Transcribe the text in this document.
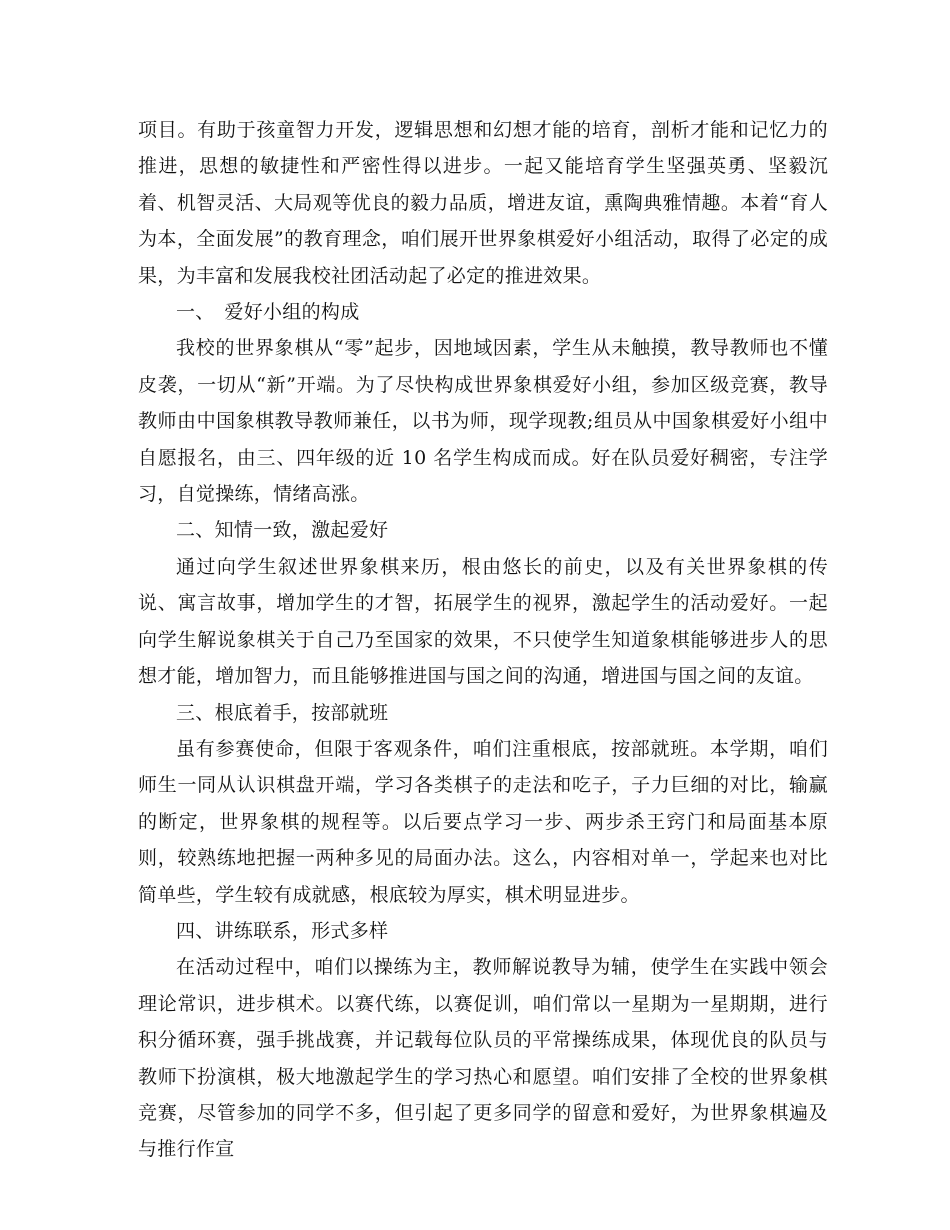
项目。有助于孩童智力开发，逻辑思想和幻想才能的培育，剖析才能和记忆力的推进，思想的敏捷性和严密性得以进步。一起又能培育学生坚强英勇、坚毅沉着、机智灵活、大局观等优良的毅力品质，增进友谊，熏陶典雅情趣。本着“育人为本，全面发展”的教育理念，咱们展开世界象棋爱好小组活动，取得了必定的成果，为丰富和发展我校社团活动起了必定的推进效果。

一、　爱好小组的构成

我校的世界象棋从“零”起步，因地域因素，学生从未触摸，教导教师也不懂皮袭，一切从“新”开端。为了尽快构成世界象棋爱好小组，参加区级竞赛，教导教师由中国象棋教导教师兼任，以书为师，现学现教;组员从中国象棋爱好小组中自愿报名，由三、四年级的近 10 名学生构成而成。好在队员爱好稠密，专注学习，自觉操练，情绪高涨。

二、知情一致，激起爱好

通过向学生叙述世界象棋来历，根由悠长的前史，以及有关世界象棋的传说、寓言故事，增加学生的才智，拓展学生的视界，激起学生的活动爱好。一起向学生解说象棋关于自己乃至国家的效果，不只使学生知道象棋能够进步人的思想才能，增加智力，而且能够推进国与国之间的沟通，增进国与国之间的友谊。

三、根底着手，按部就班

虽有参赛使命，但限于客观条件，咱们注重根底，按部就班。本学期，咱们师生一同从认识棋盘开端，学习各类棋子的走法和吃子，子力巨细的对比，输赢的断定，世界象棋的规程等。以后要点学习一步、两步杀王窍门和局面基本原则，较熟练地把握一两种多见的局面办法。这么，内容相对单一，学起来也对比简单些，学生较有成就感，根底较为厚实，棋术明显进步。

四、讲练联系，形式多样

在活动过程中，咱们以操练为主，教师解说教导为辅，使学生在实践中领会理论常识，进步棋术。以赛代练，以赛促训，咱们常以一星期为一星期期，进行积分循环赛，强手挑战赛，并记载每位队员的平常操练成果，体现优良的队员与教师下扮演棋，极大地激起学生的学习热心和愿望。咱们安排了全校的世界象棋竞赛，尽管参加的同学不多，但引起了更多同学的留意和爱好，为世界象棋遍及与推行作宣
